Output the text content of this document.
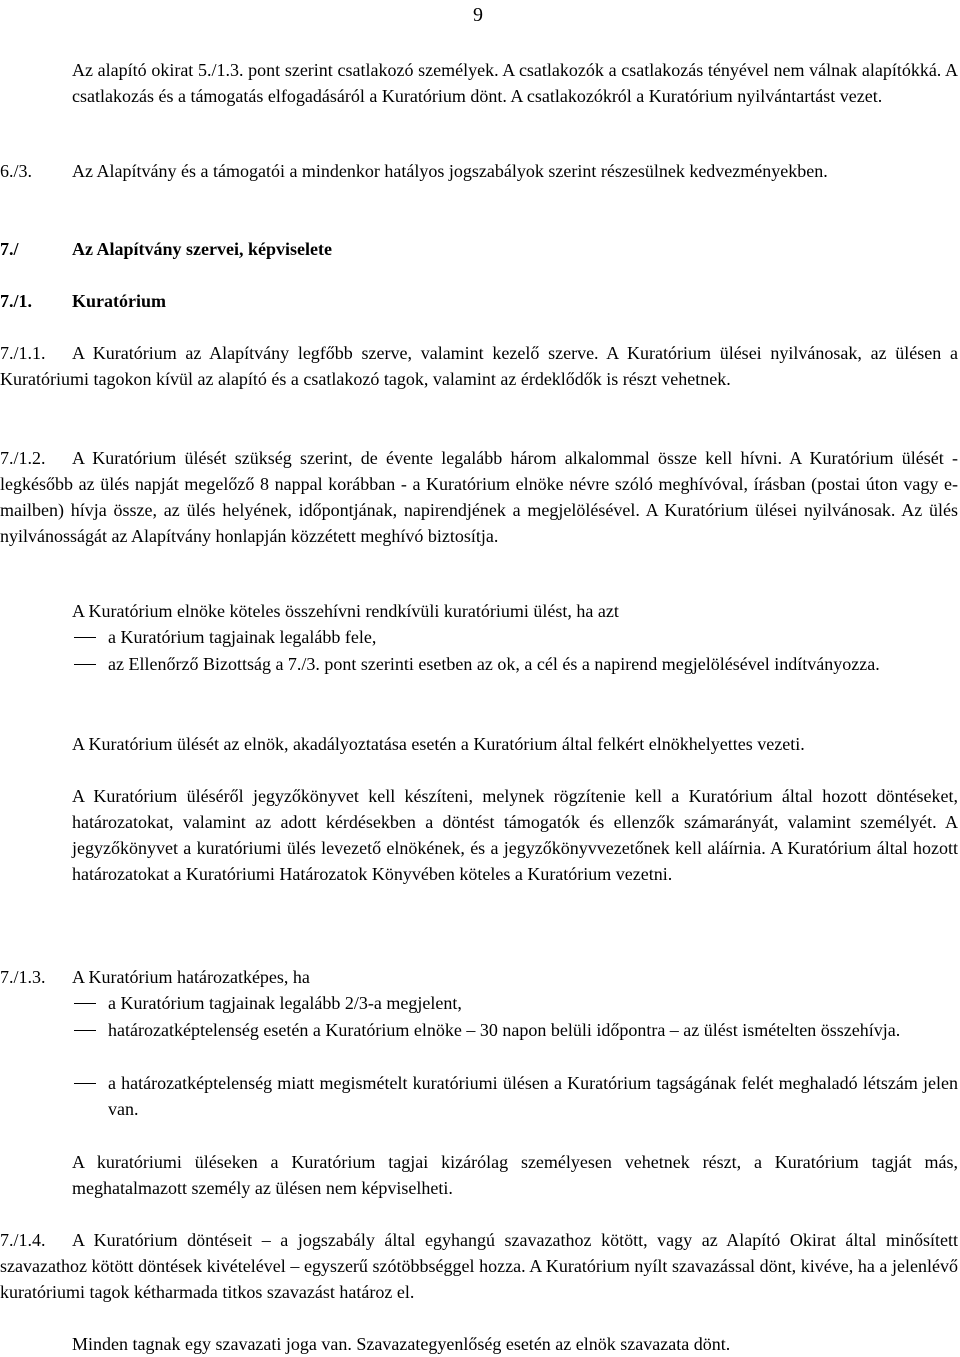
9

Az alapító okirat 5./1.3. pont szerint csatlakozó személyek. A csatlakozók a csatlakozás tényével nem válnak alapítókká. A csatlakozás és a támogatás elfogadásáról a Kuratórium dönt. A csatlakozókról a Kuratórium nyilvántartást vezet.

6./3. Az Alapítvány és a támogatói a mindenkor hatályos jogszabályok szerint részesülnek kedvezményekben.

7./	Az Alapítvány szervei, képviselete
7./1. Kuratórium
7./1.1.	A Kuratórium az Alapítvány legfőbb szerve, valamint kezelő szerve. A Kuratórium ülései nyilvánosak, az ülésen a Kuratóriumi tagokon kívül az alapító és a csatlakozó tagok, valamint az érdeklődők is részt vehetnek.

7./1.2.	A Kuratórium ülését szükség szerint, de évente legalább három alkalommal össze kell hívni. A Kuratórium ülését - legkésőbb az ülés napját megelőző 8 nappal korábban - a Kuratórium elnöke névre szóló meghívóval, írásban (postai úton vagy e-mailben) hívja össze, az ülés helyének, időpontjának, napirendjének a megjelölésével. A Kuratórium ülései nyilvánosak. Az ülés nyilvánosságát az Alapítvány honlapján közzétett meghívó biztosítja.

A Kuratórium elnöke köteles összehívni rendkívüli kuratóriumi ülést, ha azt

a Kuratórium tagjainak legalább fele,

az Ellenőrző Bizottság a 7./3. pont szerinti esetben az ok, a cél és a napirend megjelölésével indítványozza.

A Kuratórium ülését az elnök, akadályoztatása esetén a Kuratórium által felkért elnökhelyettes vezeti.

A Kuratórium üléséről jegyzőkönyvet kell készíteni, melynek rögzítenie kell a Kuratórium által hozott döntéseket, határozatokat, valamint az adott kérdésekben a döntést támogatók és ellenzők számarányát, valamint személyét. A jegyzőkönyvet a kuratóriumi ülés levezető elnökének, és a jegyzőkönyvvezetőnek kell aláírnia. A Kuratórium által hozott határozatokat a Kuratóriumi Határozatok Könyvében köteles a Kuratórium vezetni.

7./1.3. A Kuratórium határozatképes, ha

a Kuratórium tagjainak legalább 2/3-a megjelent,

határozatképtelenség esetén a Kuratórium elnöke – 30 napon belüli időpontra – az ülést ismételten összehívja.

a határozatképtelenség miatt megismételt kuratóriumi ülésen a Kuratórium tagságának felét meghaladó létszám jelen van.

A kuratóriumi üléseken a Kuratórium tagjai kizárólag személyesen vehetnek részt, a Kuratórium tagját más, meghatalmazott személy az ülésen nem képviselheti.

7./1.4.	A Kuratórium döntéseit – a jogszabály által egyhangú szavazathoz kötött, vagy az Alapító Okirat által minősített szavazathoz kötött döntések kivételével – egyszerű szótöbbséggel hozza. A Kuratórium nyílt szavazással dönt, kivéve, ha a jelenlévő kuratóriumi tagok kétharmada titkos szavazást határoz el.

Minden tagnak egy szavazati joga van. Szavazategyenlőség esetén az elnök szavazata dönt.
